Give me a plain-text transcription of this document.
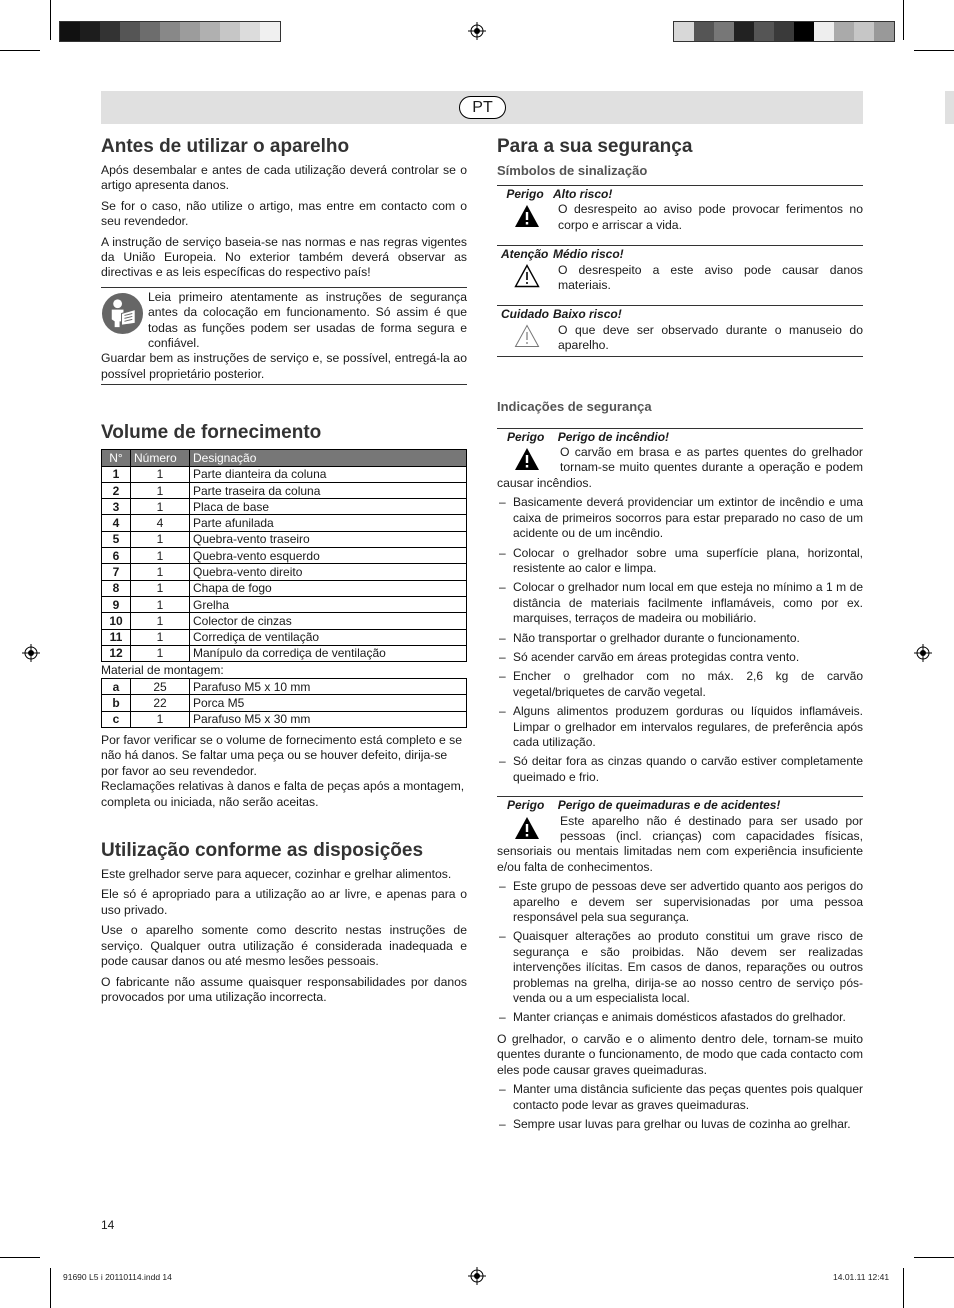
PT
Antes de utilizar o aparelho

Após desembalar e antes de cada utilização deverá controlar se o artigo apresenta danos.

Se for o caso, não utilize o artigo, mas entre em contacto com o seu revendedor.

A instrução de serviço baseia-se nas normas e nas regras vigentes da União Europeia. No exterior também deverá observar as directivas e as leis específicas do respectivo país!

Leia primeiro atentamente as instruções de segurança antes da colocação em funcionamento. Só assim é que todas as funções podem ser usadas de forma segura e confiável.

Guardar bem as instruções de serviço e, se possível, entregá-la ao possível proprietário posterior.

Volume de fornecimento
N°	Número	Designação
1	1	Parte dianteira da coluna
2	1	Parte traseira da coluna
3	1	Placa de base
4	4	Parte afunilada
5	1	Quebra-vento traseiro
6	1	Quebra-vento esquerdo
7	1	Quebra-vento direito
8	1	Chapa de fogo
9	1	Grelha
10	1	Colector de cinzas
11	1	Corrediça de ventilação
12	1	Manípulo da corrediça de ventilação
Material de montagem:
a	25	Parafuso M5 x 10 mm
b	22	Porca M5
c	1	Parafuso M5 x 30 mm

Por favor verificar se o volume de fornecimento está completo e se não há danos. Se faltar uma peça ou se houver defeito, dirija-se por favor ao seu revendedor.

Reclamações relativas à danos e falta de peças após a montagem, completa ou iniciada, não serão aceitas.

Utilização conforme as disposições

Este grelhador serve para aquecer, cozinhar e grelhar alimentos.

Ele só é apropriado para a utilização ao ar livre, e apenas para o uso privado.

Use o aparelho somente como descrito nestas instruções de serviço. Qualquer outra utilização é considerada inadequada e pode causar danos ou até mesmo lesões pessoais.

O fabricante não assume quaisquer responsabilidades por danos provocados por uma utilização incorrecta.

Para a sua segurança
Símbolos de sinalização
Perigo Alto risco!

O desrespeito ao aviso pode provocar ferimentos no corpo e arriscar a vida.

Atenção Médio risco!

O desrespeito a este aviso pode causar danos materiais.

Cuidado Baixo risco!

O que deve ser observado durante o manuseio do aparelho.

Indicações de segurança
Perigo Perigo de incêndio!

O carvão em brasa e as partes quentes do grelhador tornam-se muito quentes durante a operação e podem causar incêndios.

– Basicamente deverá providenciar um extintor de incêndio e uma caixa de primeiros socorros para estar preparado no caso de um acidente ou de um incêndio.
– Colocar o grelhador sobre uma superfície plana, horizontal, resistente ao calor e limpa.
– Colocar o grelhador num local em que esteja no mínimo a 1 m de distância de materiais facilmente inflamáveis, como por ex. marquises, terraços de madeira ou mobiliário.
– Não transportar o grelhador durante o funcionamento.
– Só acender carvão em áreas protegidas contra vento.
– Encher o grelhador com no máx. 2,6 kg de carvão vegetal/briquetes de carvão vegetal.
– Alguns alimentos produzem gorduras ou líquidos inflamáveis. Limpar o grelhador em intervalos regulares, de preferência após cada utilização.
– Só deitar fora as cinzas quando o carvão estiver completamente queimado e frio.
Perigo Perigo de queimaduras e de acidentes!

Este aparelho não é destinado para ser usado por pessoas (incl. crianças) com capacidades físicas, sensoriais ou mentais limitadas nem com experiência insuficiente e/ou falta de conhecimentos.

– Este grupo de pessoas deve ser advertido quanto aos perigos do aparelho e devem ser supervisionadas por uma pessoa responsável pela sua segurança.
– Quaisquer alterações ao produto constitui um grave risco de segurança e são proibidas. Não devem ser realizadas intervenções ilícitas. Em casos de danos, reparações ou outros problemas na grelha, dirija-se ao nosso centro de serviço pós-venda ou a um especialista local.
– Manter crianças e animais domésticos afastados do grelhador.

O grelhador, o carvão e o alimento dentro dele, tornam-se muito quentes durante o funcionamento, de modo que cada contacto com eles pode causar graves queimaduras.

– Manter uma distância suficiente das peças quentes pois qualquer contacto pode levar as graves queimaduras.
– Sempre usar luvas para grelhar ou luvas de cozinha ao grelhar.
14
91690 L5 i 20110114.indd 14	14.01.11 12:41
